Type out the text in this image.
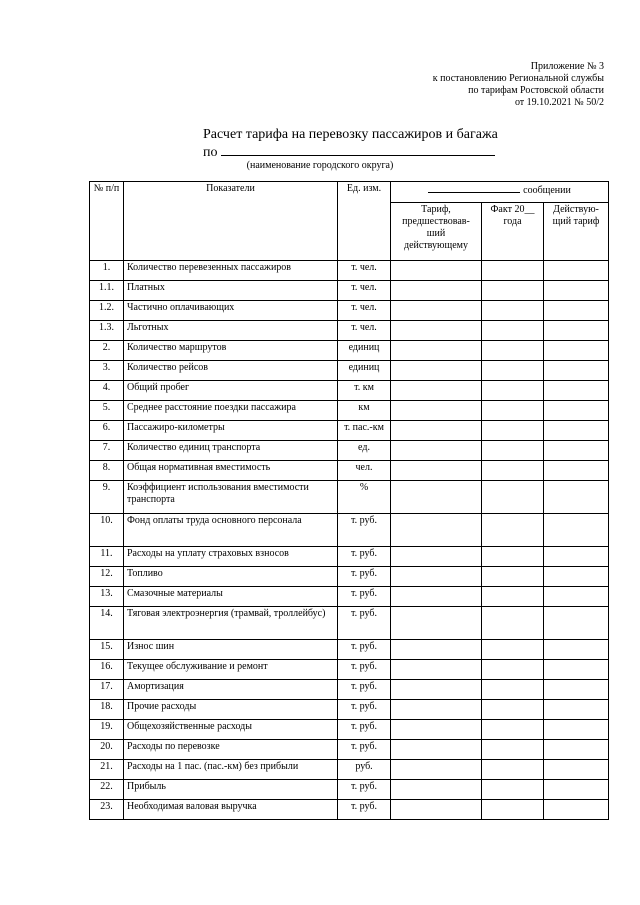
Приложение № 3
к постановлению Региональной службы
по тарифам Ростовской области
от 19.10.2021 № 50/2
Расчет тарифа на перевозку пассажиров и багажа
по
(наименование городского округа)
№ п/п	Показатели	Ед. изм.	сообщении		
			Тариф, предшествовав-ший действующему	Факт 20__ года	Действую-щий тариф
1.	Количество перевезенных пассажиров	т. чел.			
1.1.	Платных	т. чел.			
1.2.	Частично оплачивающих	т. чел.			
1.3.	Льготных	т. чел.			
2.	Количество маршрутов	единиц			
3.	Количество рейсов	единиц			
4.	Общий пробег	т. км			
5.	Среднее расстояние поездки пассажира	км			
6.	Пассажиро-километры	т. пас.-км			
7.	Количество единиц транспорта	ед.			
8.	Общая нормативная вместимость	чел.			
9.	Коэффициент использования вместимости транспорта	%			
10.	Фонд оплаты труда основного персонала	т. руб.			
11.	Расходы на уплату страховых взносов	т. руб.			
12.	Топливо	т. руб.			
13.	Смазочные материалы	т. руб.			
14.	Тяговая электроэнергия (трамвай, троллейбус)	т. руб.			
15.	Износ шин	т. руб.			
16.	Текущее обслуживание и ремонт	т. руб.			
17.	Амортизация	т. руб.			
18.	Прочие расходы	т. руб.			
19.	Общехозяйственные расходы	т. руб.			
20.	Расходы по перевозке	т. руб.			
21.	Расходы на 1 пас. (пас.-км) без прибыли	руб.			
22.	Прибыль	т. руб.			
23.	Необходимая валовая выручка	т. руб.			
